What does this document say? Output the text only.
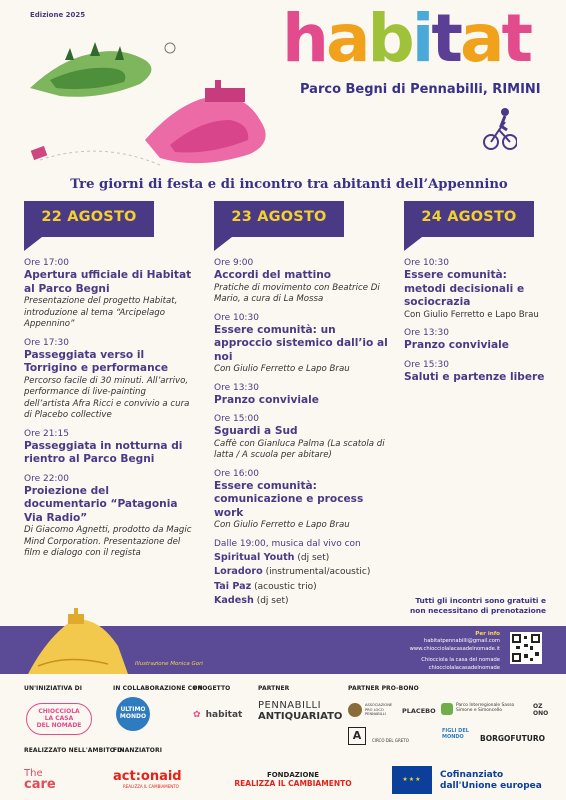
Edizione 2025	habitat
Parco Begni di Pennabilli, RIMINI
Tre giorni di festa e di incontro tra abitanti dell’Appennino
22 AGOSTO	23 AGOSTO	24 AGOSTO
Ore 17:00
Apertura ufficiale di Habitat al Parco Begni
Presentazione del progetto Habitat, introduzione al tema “Arcipelago Appennino”
Ore 17:30
Passeggiata verso il Torrigino e performance
Percorso facile di 30 minuti. All’arrivo, performance di live-painting dell’artista Afra Ricci e convivio a cura di Placebo collective
Ore 21:15
Passeggiata in notturna di rientro al Parco Begni
Ore 22:00
Proiezione del documentario “Patagonia Via Radio”
Di Giacomo Agnetti, prodotto da Magic Mind Corporation. Presentazione del film e dialogo con il regista
Ore 9:00
Accordi del mattino
Pratiche di movimento con Beatrice Di Mario, a cura di La Mossa
Ore 10:30
Essere comunità: un approccio sistemico dall’io al noi
Con Giulio Ferretto e Lapo Brau
Ore 13:30
Pranzo conviviale
Ore 15:00
Sguardi a Sud
Caffè con Gianluca Palma (La scatola di latta / A scuola per abitare)
Ore 16:00
Essere comunità: comunicazione e process work
Con Giulio Ferretto e Lapo Brau
Dalle 19:00, musica dal vivo con
Spiritual Youth (dj set)
Loradoro (instrumental/acoustic)
Tai Paz (acoustic trio)
Kadesh (dj set)
Ore 10:30
Essere comunità: metodi decisionali e sociocrazia
Con Giulio Ferretto e Lapo Brau
Ore 13:30
Pranzo conviviale
Ore 15:30
Saluti e partenze libere
Tutti gli incontri sono gratuiti e non necessitano di prenotazione
Illustrazione Monica Gori
Per info
habitatpennabilli@gmail.com
www.chiocciolalacasadelnomade.it
Chiocciola la casa del nomade
chiocciolalacasadelnomade
UN'INIZIATIVA DI	IN COLLABORAZIONE CON
PROGETTO	PARTNER	PARTNER PRO-BONO
REALIZZATO NELL'AMBITO DI
FINANZIATORI
CHIOCCIOLA
LA CASA
DEL NOMADE
ULTIMO
MONDO	✿ habitat
PENNABILLI
ANTIQUARIATO
ASSOCIAZIONE PRO LOCO PENNABILLI	PLACEBO
Parco Interregionale Sasso Simone e Simoncello
OZ ONO
A	CIRCO DEL GRETO
FIGLI DEL MONDO	BORGOFUTURO
The
care
act:onaid
REALIZZA IL CAMBIAMENTO
FONDAZIONE
REALIZZA IL CAMBIAMENTO	★★★	Cofinanziato
dall'Unione europea
